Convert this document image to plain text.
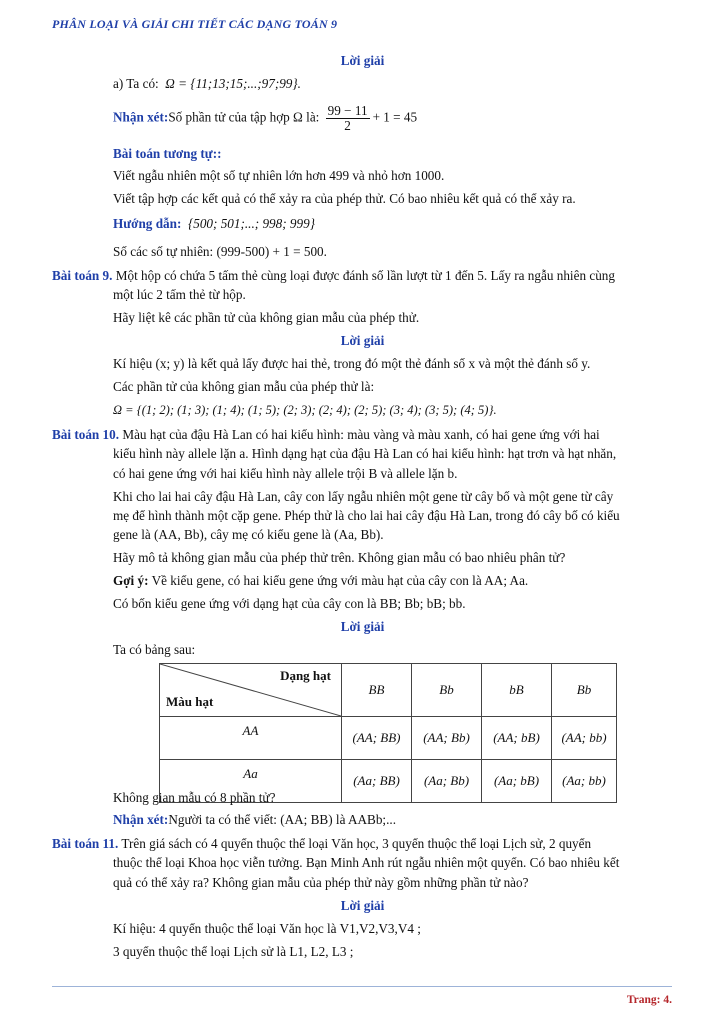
PHÂN LOẠI VÀ GIẢI CHI TIẾT CÁC DẠNG TOÁN 9
Lời giải
a) Ta có: Ω = {11;13;15;...;97;99}.
Nhận xét:Số phần tử của tập hợp Ω là: $\frac{99 - 11}{2} + 1 = 45$
Bài toán tương tự::
Viết ngẫu nhiên một số tự nhiên lớn hơn 499 và nhỏ hơn 1000.
Viết tập hợp các kết quả có thể xảy ra của phép thử. Có bao nhiêu kết quả có thể xảy ra.
Hướng dẫn: {500; 501;...; 998; 999}
Số các số tự nhiên: (999-500) + 1 = 500.
Bài toán 9. Một hộp có chứa 5 tấm thẻ cùng loại được đánh số lần lượt từ 1 đến 5. Lấy ra ngẫu nhiên cùng
một lúc 2 tấm thẻ từ hộp.
Hãy liệt kê các phần tử của không gian mẫu của phép thử.
Lời giải
Kí hiệu (x; y) là kết quả lấy được hai thẻ, trong đó một thẻ đánh số x và một thẻ đánh số y.
Các phần tử của không gian mẫu của phép thử là:
Ω = {(1; 2); (1; 3); (1; 4); (1; 5); (2; 3); (2; 4); (2; 5); (3; 4); (3; 5); (4; 5)}.
Bài toán 10. Màu hạt của đậu Hà Lan có hai kiểu hình: màu vàng và màu xanh, có hai gene ứng với hai
kiểu hình này allele lặn a. Hình dạng hạt của đậu Hà Lan có hai kiểu hình: hạt trơn và hạt nhăn,
có hai gene ứng với hai kiểu hình này allele trội B và allele lặn b.
Khi cho lai hai cây đậu Hà Lan, cây con lấy ngẫu nhiên một gene từ cây bố và một gene từ cây
mẹ để hình thành một cặp gene. Phép thử là cho lai hai cây đậu Hà Lan, trong đó cây bố có kiểu
gene là (AA, Bb), cây mẹ có kiểu gene là (Aa, Bb).
Hãy mô tả không gian mẫu của phép thử trên. Không gian mẫu có bao nhiêu phân tử?
Gợi ý: Về kiểu gene, có hai kiểu gene ứng với màu hạt của cây con là AA; Aa.
Có bốn kiểu gene ứng với dạng hạt của cây con là BB; Bb; bB; bb.
Lời giải
Ta có bảng sau:
Dạng hạt
Màu hạt	BB	Bb	bB	Bb
AA	(AA; BB)	(AA; Bb)	(AA; bB)	(AA; bb)
Aa	(Aa; BB)	(Aa; Bb)	(Aa; bB)	(Aa; bb)
Không gian mẫu có 8 phần tử?
Nhận xét:Người ta có thể viết: (AA; BB) là AABb;...
Bài toán 11. Trên giá sách có 4 quyển thuộc thể loại Văn học, 3 quyển thuộc thể loại Lịch sử, 2 quyển
thuộc thể loại Khoa học viễn tưởng. Bạn Minh Anh rút ngẫu nhiên một quyển. Có bao nhiêu kết
quả có thể xảy ra? Không gian mẫu của phép thử này gồm những phần tử nào?
Lời giải
Kí hiệu: 4 quyển thuộc thể loại Văn học là V1,V2,V3,V4 ;
3 quyển thuộc thể loại Lịch sử là L1, L2, L3 ;
Trang: 4.
